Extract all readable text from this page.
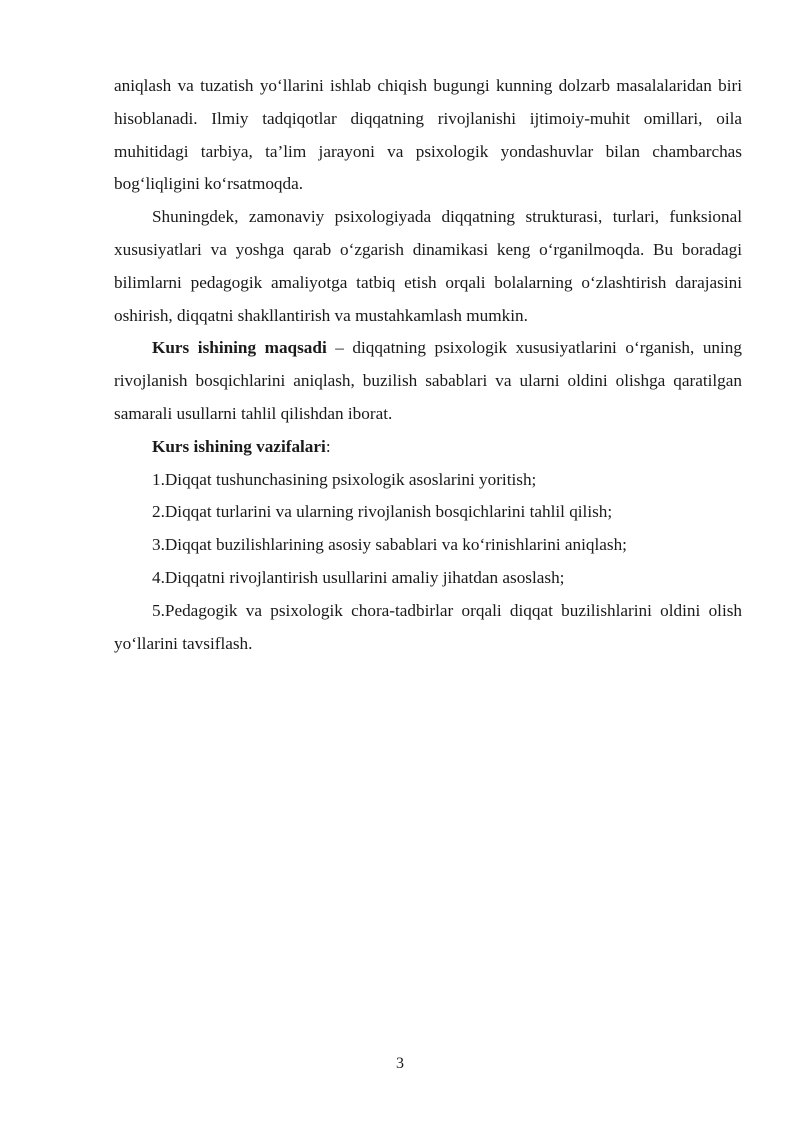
aniqlash va tuzatish yo‘llarini ishlab chiqish bugungi kunning dolzarb masalalaridan biri hisoblanadi. Ilmiy tadqiqotlar diqqatning rivojlanishi ijtimoiy-muhit omillari, oila muhitidagi tarbiya, ta’lim jarayoni va psixologik yondashuvlar bilan chambarchas bog‘liqligini ko‘rsatmoqda.

Shuningdek, zamonaviy psixologiyada diqqatning strukturasi, turlari, funksional xususiyatlari va yoshga qarab o‘zgarish dinamikasi keng o‘rganilmoqda. Bu boradagi bilimlarni pedagogik amaliyotga tatbiq etish orqali bolalarning o‘zlashtirish darajasini oshirish, diqqatni shakllantirish va mustahkamlash mumkin.

Kurs ishining maqsadi – diqqatning psixologik xususiyatlarini o‘rganish, uning rivojlanish bosqichlarini aniqlash, buzilish sabablari va ularni oldini olishga qaratilgan samarali usullarni tahlil qilishdan iborat.

Kurs ishining vazifalari:

1.Diqqat tushunchasining psixologik asoslarini yoritish;

2.Diqqat turlarini va ularning rivojlanish bosqichlarini tahlil qilish;

3.Diqqat buzilishlarining asosiy sabablari va ko‘rinishlarini aniqlash;

4.Diqqatni rivojlantirish usullarini amaliy jihatdan asoslash;

5.Pedagogik va psixologik chora-tadbirlar orqali diqqat buzilishlarini oldini olish yo‘llarini tavsiflash.

3
